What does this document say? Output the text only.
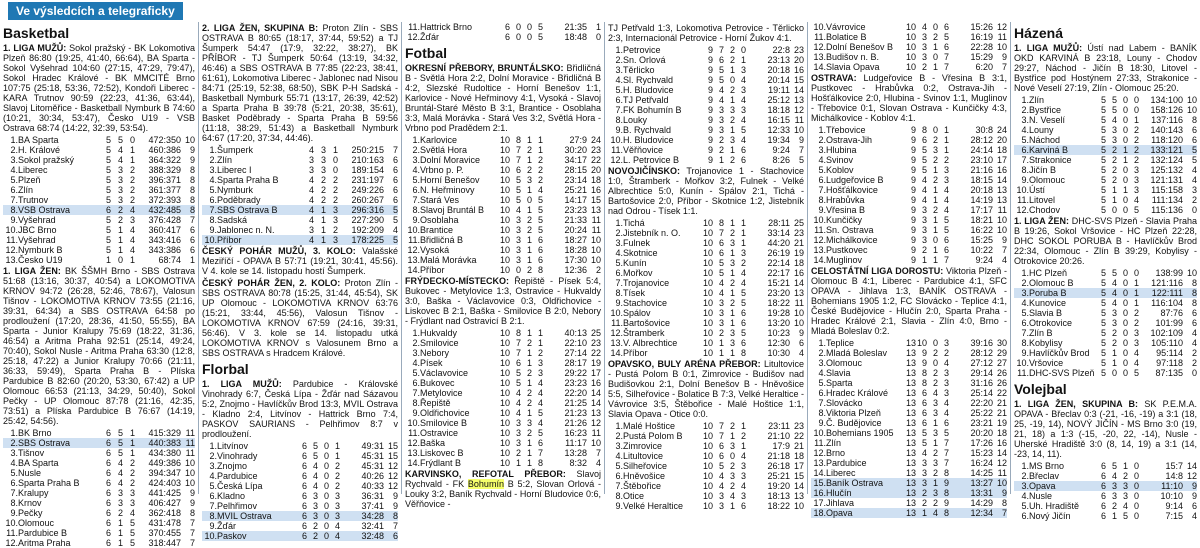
Ve výsledcích a telegraficky
Basketbal
1. LIGA MUŽŮ: Sokol pražský - BK Lokomotiva Plzeň 86:80 (19:25, 41:40, 66:64), BA Sparta - Sokol Vyšehrad 104:60 (27:15, 47:29, 79:47), Sokol Hradec Králové - BK MMCITÉ Brno 107:75 (25:18, 53:36, 72:52), Kondoři Liberec - KARA Trutnov 90:59 (22:23, 41:36, 63:44), Slavoj Litoměřice - Basketball Nymburk B 74:60 (10:21, 30:34, 53:47), Česko U19 - VSB Ostrava 68:74 (14:22, 32:39, 53:54).
1.	BA Sparta	5	5	0	472:350	10
2.	H. Králové	5	4	1	460:386	9
3.	Sokol pražský	5	4	1	364:322	9
4.	Liberec	5	3	2	388:329	8
5.	Plzeň	5	3	2	396:371	8
6.	Zlín	5	3	2	361:377	8
7.	Trutnov	5	3	2	372:393	8
8.	VSB Ostrava	6	2	4	432:485	8
9.	Vyšehrad	5	2	3	376:428	7
10.	JBC Brno	5	1	4	360:417	6
11.	Vyšehrad	5	1	4	343:416	6
12.	Nymburk B	5	1	4	343:386	6
13.	Česko U19	1	0	1	68:74	1
1. LIGA ŽEN: BK ŠŠMH Brno - SBS Ostrava 51:68 (13:16, 30:37, 40:54) a LOKOMOTIVA KRNOV 94:72 (26:28, 52:46, 78:67), Valosun Tišnov - LOKOMOTIVA KRNOV 73:55 (21:16, 39:31, 64:34) a SBS OSTRAVA 64:58 po prodloužení (17:20, 28:36, 41:50, 55:55), BA Sparta - Junior Kralupy 75:69 (18:22, 31:36, 46:54) a Aritma Praha 92:51 (25:14, 49:24, 70:40), Sokol Nusle - Aritma Praha 63:30 (12:8, 25:18, 47:22) a Junior Kralupy 70:66 (21:11, 36:33, 59:49), Sparta Praha B - Plíska Pardubice B 82:60 (20:20, 53:30, 67:42) a UP Olomouc 66:53 (21:13, 34:29, 50:40), Sokol Pečky - UP Olomouc 87:78 (21:16, 42:35, 73:51) a Plíska Pardubice B 76:67 (14:19, 25:42, 54:56).
1.	BK Brno	6	5	1	415:329	11
2.	SBS Ostrava	6	5	1	440:383	11
3.	Tišnov	6	5	1	434:380	11
4.	BA Sparta	6	4	2	449:386	10
5.	Nusle	6	4	2	394:347	10
6.	Sparta Praha B	6	4	2	424:403	10
7.	Kralupy	6	3	3	441:425	9
8.	Krnov	6	3	3	406:427	9
9.	Pečky	6	2	4	362:418	8
10.	Olomouc	6	1	5	431:478	7
11.	Pardubice B	6	1	5	370:455	7
12.	Aritma Praha	6	1	5	318:447	7
2. LIGA ŽEN, SKUPINA B: Proton Zlín - SBS OSTRAVA B 80:65 (18:17, 37:44, 59:52) a TJ Šumperk 54:47 (17:9, 32:22, 38:27), BK PŘÍBOR - TJ Šumperk 50:64 (13:19, 34:32, 46:46) a SBS OSTRAVA B 77:85 (22:23, 38:41, 61:61), Lokomotiva Liberec - Jablonec nad Nisou 84:71 (25:19, 52:38, 68:50), SBK P-H Sadská - Basketball Nymburk 55:71 (13:17, 26:39, 42:52) a Sparta Praha B 39:78 (5:21, 20:38, 35:61), Basket Poděbrady - Sparta Praha B 59:56 (11:18, 38:29, 51:43) a Basketball Nymburk 64:67 (17:20, 37:34, 44:46).
1.	Šumperk	4	3	1	250:215	7
2.	Zlín	3	3	0	210:163	6
3.	Liberec I	3	3	0	189:154	6
4.	Sparta Praha B	4	2	2	231:197	6
5.	Nymburk	4	2	2	249:226	6
6.	Poděbrady	4	2	2	260:267	6
7.	SBS Ostrava B	4	1	3	296:316	5
8.	Sadská	4	1	3	227:290	5
9.	Jablonec n. N.	3	1	2	192:209	4
10.	Příbor	4	1	3	178:225	5
ČESKÝ POHÁR MUŽŮ, 3. KOLO: Valašské Meziříčí - OPAVA B 57:71 (19:21, 30:41, 45:56). V 4. kole se 14. listopadu hostí Šumperk.
ČESKÝ POHÁR ŽEN, 2. KOLO: Proton Zlín - SBS OSTRAVA 80:78 (15:25, 31:44, 45:54), SK UP Olomouc - LOKOMOTIVA KRNOV 63:76 (15:21, 33:44, 45:56), Valosun Tišnov - LOKOMOTIVA KRNOV 67:59 (24:16, 39:31, 56:46). V 3. kole se 14. listopadu utká LOKOMOTIVA KRNOV s Valosunem Brno a SBS OSTRAVA s Hradcem Králové.
Florbal
1. LIGA MUŽŮ: Pardubice - Královské Vinohrady 6:7, Česká Lípa - Žďár nad Sázavou 5:2, Znojmo - Havlíčkův Brod 13:3, MVIL Ostrava - Kladno 2:4, Litvínov - Hattrick Brno 7:4, PASKOV SAURIANS - Pelhřimov 8:7 v prodloužení.
1.	Litvínov	6	5	0	1	49:31	15
2.	Vinohrady	6	5	0	1	45:31	15
3.	Znojmo	6	4	0	2	45:31	12
4.	Pardubice	6	4	0	2	40:26	12
5.	Česká Lípa	6	4	0	2	40:33	12
6.	Kladno	6	3	0	3	36:31	9
7.	Pelhřimov	6	3	0	3	37:41	9
8.	MVIL Ostrava	6	3	0	3	34:28	8
9.	Žďár	6	2	0	4	32:41	7
10.	Paskov	6	2	0	4	32:48	6
11.	Hattrick Brno	6	0	0	5	21:35	1
12.	Žďár	6	0	0	5	18:48	0
Fotbal
OKRESNÍ PŘEBORY, BRUNTÁLSKO: Břidličná B - Světlá Hora 2:2, Dolní Moravice - Břidličná B 4:2, Slezské Rudoltice - Horní Benešov 1:1, Karlovice - Nové Heřminovy 4:1, Vysoká - Slavoj Bruntál-Staré Město B 3:1, Brantice - Osoblaha 3:3, Malá Morávka - Stará Ves 3:2, Světlá Hora - Vrbno pod Pradědem 2:1.
1.	Karlovice	10	8	1	1	27:9	24
2.	Světlá Hora	10	7	2	1	30:20	23
3.	Dolní Moravice	10	7	1	2	34:17	22
4.	Vrbno p. P.	10	6	2	2	28:15	20
5.	Horní Benešov	10	5	3	2	23:14	18
6.	N. Heřminovy	10	5	1	4	25:21	16
7.	Stará Ves	10	5	0	5	14:17	15
8.	Slavoj Bruntál B	10	4	1	5	23:23	13
9.	Osoblaha	10	3	2	5	21:33	11
10.	Brantice	10	3	2	5	20:24	11
11.	Břidličná B	10	3	1	6	18:27	10
12.	Vysoká	10	3	1	6	18:28	10
13.	Malá Morávka	10	3	1	6	17:30	10
14.	Příbor	10	0	2	8	12:36	2
FRÝDECKO-MÍSTECKO: Řepiště - Písek 5:4, Bukovec - Metylovice 1:3, Ostravice - Hukvaldy 3:0, Baška - Václavovice 0:3, Oldřichovice - Liskovec B 2:1, Baška - Smilovice B 2:0, Nebory - Frýdlant nad Ostravicí B 2:1.
1.	Hukvaldy	10	8	1	1	40:13	25
2.	Smilovice	10	7	2	1	22:10	23
3.	Nebory	10	7	1	2	27:14	22
4.	Písek	10	6	1	3	28:17	19
5.	Václavovice	10	5	2	3	29:22	17
6.	Bukovec	10	5	1	4	23:23	16
7.	Metylovice	10	4	2	4	22:20	14
8.	Řepiště	10	4	2	4	21:25	14
9.	Oldřichovice	10	4	1	5	21:23	13
10.	Smilovice B	10	3	3	4	21:26	12
11.	Ostravice	10	3	2	5	16:23	11
12.	Baška	10	3	1	6	11:17	10
13.	Liskovec B	10	2	1	7	13:28	7
14.	Frýdlant B	10	1	1	8	8:32	4
KARVINSKO, REFOTAL PŘEBOR: Slavoj Rychvald - FK Bohumín B 5:2, Slovan Orlová - Louky 3:2, Baník Rychvald - Horní Bludovice 0:6, Věřňovice -
TJ Petřvald 1:3, Lokomotiva Petrovice - Těrlicko 2:3, Internacionál Petrovice - Horní Žukov 4:1.
1.	Petrovice	9	7	2	0	22:8	23
2.	Sn. Orlová	9	6	2	1	23:13	20
3.	Těrlicko	9	5	1	3	20:18	16
4.	Sl. Rychvald	9	5	0	4	20:14	15
5.	H. Bludovice	9	4	2	3	19:11	14
6.	TJ Petřvald	9	4	1	4	25:12	13
7.	FK Bohumín B	9	3	3	3	18:18	12
8.	Louky	9	3	2	4	16:15	11
9.	B. Rychvald	9	3	1	5	12:33	10
10.	H. Bludovice	9	2	3	4	19:34	9
11.	Věřňovice	9	2	1	6	9:24	7
12.	L. Petrovice B	9	1	2	6	8:26	5
NOVOJIČÍNSKO: Trojanovice 1 - Stachovice 1:0, Štramberk - Mořkov 3:2, Fulnek - Velké Albrechtice 5:0, Kunín - Spálov 2:1, Tichá - Bartošovice 2:0, Příbor - Skotnice 1:2, Jistebník nad Odrou - Tísek 1:1.
1.	Tichá	10	8	1	1	28:11	25
2.	Jistebník n. O.	10	7	2	1	33:14	23
3.	Fulnek	10	6	3	1	44:20	21
4.	Skotnice	10	6	1	3	26:19	19
5.	Kunín	10	5	3	2	22:14	18
6.	Mořkov	10	5	1	4	22:17	16
7.	Trojanovice	10	4	2	4	15:21	14
8.	Tísek	10	4	1	5	23:20	13
9.	Stachovice	10	3	2	5	18:22	11
10.	Spálov	10	3	1	6	19:28	10
11.	Bartošovice	10	3	1	6	13:20	10
12.	Štramberk	10	2	3	5	10:23	9
13.	V. Albrechtice	10	1	3	6	12:30	6
14.	Příbor	10	1	1	8	10:30	4
OPAVSKO, BULY ARÉNA PŘEBOR: Litultovice - Pustá Polom B 0:1, Zimrovice - Budišov nad Budišovkou 2:1, Dolní Benešov B - Hněvošice 5:5, Silheřovice - Bolatice B 7:3, Velké Heraltice - Vávrovice 3:5, Štěbořice - Malé Hoštice 1:1, Slavia Opava - Otice 0:0.
1.	Malé Hoštice	10	7	2	1	23:11	23
2.	Pustá Polom B	10	7	1	2	21:10	22
3.	Zimrovice	10	6	3	1	17:9	21
4.	Litultovice	10	6	0	4	21:18	18
5.	Silheřovice	10	5	2	3	26:18	17
6.	Hněvošice	10	4	3	3	25:21	15
7.	Štěbořice	10	4	2	4	19:20	14
8.	Otice	10	3	4	3	18:13	13
9.	Velké Heraltice	10	3	1	6	18:22	10
10.	Vávrovice	10	4	0	6	15:26	12
11.	Bolatice B	10	3	2	5	16:19	11
12.	Dolní Benešov B	10	3	1	6	22:28	10
13.	Budišov n. B.	10	3	0	7	15:29	9
14.	Slavia Opava	10	2	1	7	6:20	7
OSTRAVA: Ludgeřovice B - Vřesina B 3:1, Pustkovec - Hrabůvka 0:2, Ostrava-Jih - Hošťálkovice 2:0, Hlubina - Svinov 1:1, Muglinov - Třebovice 0:1, Slovan Ostrava - Kunčičky 4:3, Michálkovice - Koblov 4:1.
1.	Třebovice	9	8	0	1	30:8	24
2.	Ostrava-Jih	9	6	2	1	28:12	20
3.	Hlubina	9	5	3	1	24:14	18
4.	Svinov	9	5	2	2	23:10	17
5.	Koblov	9	5	1	3	21:16	16
6.	Ludgeřovice B	9	4	2	3	18:15	14
7.	Hošťálkovice	9	4	1	4	20:18	13
8.	Hrabůvka	9	4	1	4	14:19	13
9.	Vřesina B	9	3	2	4	17:17	11
10.	Kunčičky	9	3	1	5	18:21	10
11.	Sn. Ostrava	9	3	1	5	16:22	10
12.	Michálkovice	9	3	0	6	15:25	9
13.	Pustkovec	9	2	1	6	10:22	7
14.	Muglinov	9	1	1	7	9:24	4
CELOSTÁTNÍ LIGA DOROSTU: Viktoria Plzeň - Olomouc B 4:1, Liberec - Pardubice 4:1, SFC OPAVA - Jihlava 1:3, BANÍK OSTRAVA - Bohemians 1905 1:2, FC Slovácko - Teplice 4:1, České Budějovice - Hlučín 2:0, Sparta Praha - Hradec Králové 2:1, Slavia - Zlín 4:0, Brno - Mladá Boleslav 0:2.
1.	Teplice	13	10	0	3	39:16	30
2.	Mladá Boleslav	13	9	2	2	28:12	29
3.	Olomouc	13	9	0	4	27:12	27
4.	Slavia	13	8	2	3	29:14	26
5.	Sparta	13	8	2	3	31:16	26
6.	Hradec Králové	13	6	4	3	25:14	22
7.	Slovácko	13	6	3	4	22:20	21
8.	Viktoria Plzeň	13	6	3	4	25:22	21
9.	Č. Budějovice	13	6	1	6	23:21	19
10.	Bohemians 1905	13	5	3	5	20:20	18
11.	Zlín	13	5	1	7	17:26	16
12.	Brno	13	4	2	7	15:23	14
13.	Pardubice	13	3	3	7	16:24	12
14.	Liberec	13	3	2	8	14:25	11
15.	Baník Ostrava	13	3	1	9	13:27	10
16.	Hlučín	13	2	3	8	13:31	9
17.	Jihlava	13	2	2	9	14:29	8
18.	Opava	13	1	4	8	12:34	7
Házená
1. LIGA MUŽŮ: Ústí nad Labem - BANÍK OKD KARVINÁ B 23:18, Louny - Chodov 29:27, Náchod - Jičín B 18:30, Litovel - Bystřice pod Hostýnem 27:33, Strakonice - Nové Veselí 27:19, Zlín - Olomouc 25:20.
1.	Zlín	5	5	0	0	134:100	10
2.	Bystřice	5	5	0	0	158:126	10
3.	N. Veselí	5	4	0	1	137:116	8
4.	Louny	5	3	0	2	140:143	6
5.	Náchod	5	3	0	2	118:120	6
6.	Karviná B	5	2	1	2	133:121	5
7.	Strakonice	5	2	1	2	132:124	5
8.	Jičín B	5	2	0	3	125:132	4
9.	Olomouc	5	2	0	3	121:131	4
10.	Ústí	5	1	1	3	115:158	3
11.	Litovel	5	1	0	4	111:134	2
12.	Chodov	5	0	0	5	115:136	0
1. LIGA ŽEN: DHC-SVS Plzeň - Slavia Praha B 19:26, Sokol Vršovice - HC Plzeň 22:28, DHC SOKOL PORUBA B - Havlíčkův Brod 22:34, Olomouc - Zlín B 39:29, Kobylisy - Otrokovice 20:26.
1.	HC Plzeň	5	5	0	0	138:99	10
2.	Olomouc B	5	4	0	1	121:116	8
3.	Poruba B	5	4	0	1	122:111	8
4.	Kunovice	5	4	0	1	116:104	8
5.	Slavia B	5	3	0	2	87:76	6
6.	Otrokovice	5	3	0	2	101:99	6
7.	Zlín B	5	2	0	3	102:109	4
8.	Kobylisy	5	2	0	3	105:110	4
9.	Havlíčkův Brod	5	1	0	4	95:114	2
10.	Vršovice	5	1	0	4	97:118	2
11.	DHC-SVS Plzeň	5	0	0	5	87:135	0
Volejbal
1. LIGA ŽEN, SKUPINA B: SK P.E.M.A. OPAVA - Břeclav 0:3 (-21, -16, -19) a 3:1 (18, 25, -19, 14), NOVÝ JIČÍN - MS Brno 3:0 (19, 21, 18) a 1:3 (-15, -20, 22, -14), Nusle - Uherské Hradiště 3:0 (8, 14, 19) a 3:1 (14, -23, 14, 11).
1.	MS Brno	6	5	1	0	15:7	14
2.	Břeclav	6	4	2	0	14:8	12
3.	Opava	6	3	3	0	11:10	9
4.	Nusle	6	3	3	0	10:10	9
5.	Uh. Hradiště	6	2	4	0	9:14	6
6.	Nový Jičín	6	1	5	0	7:15	4
